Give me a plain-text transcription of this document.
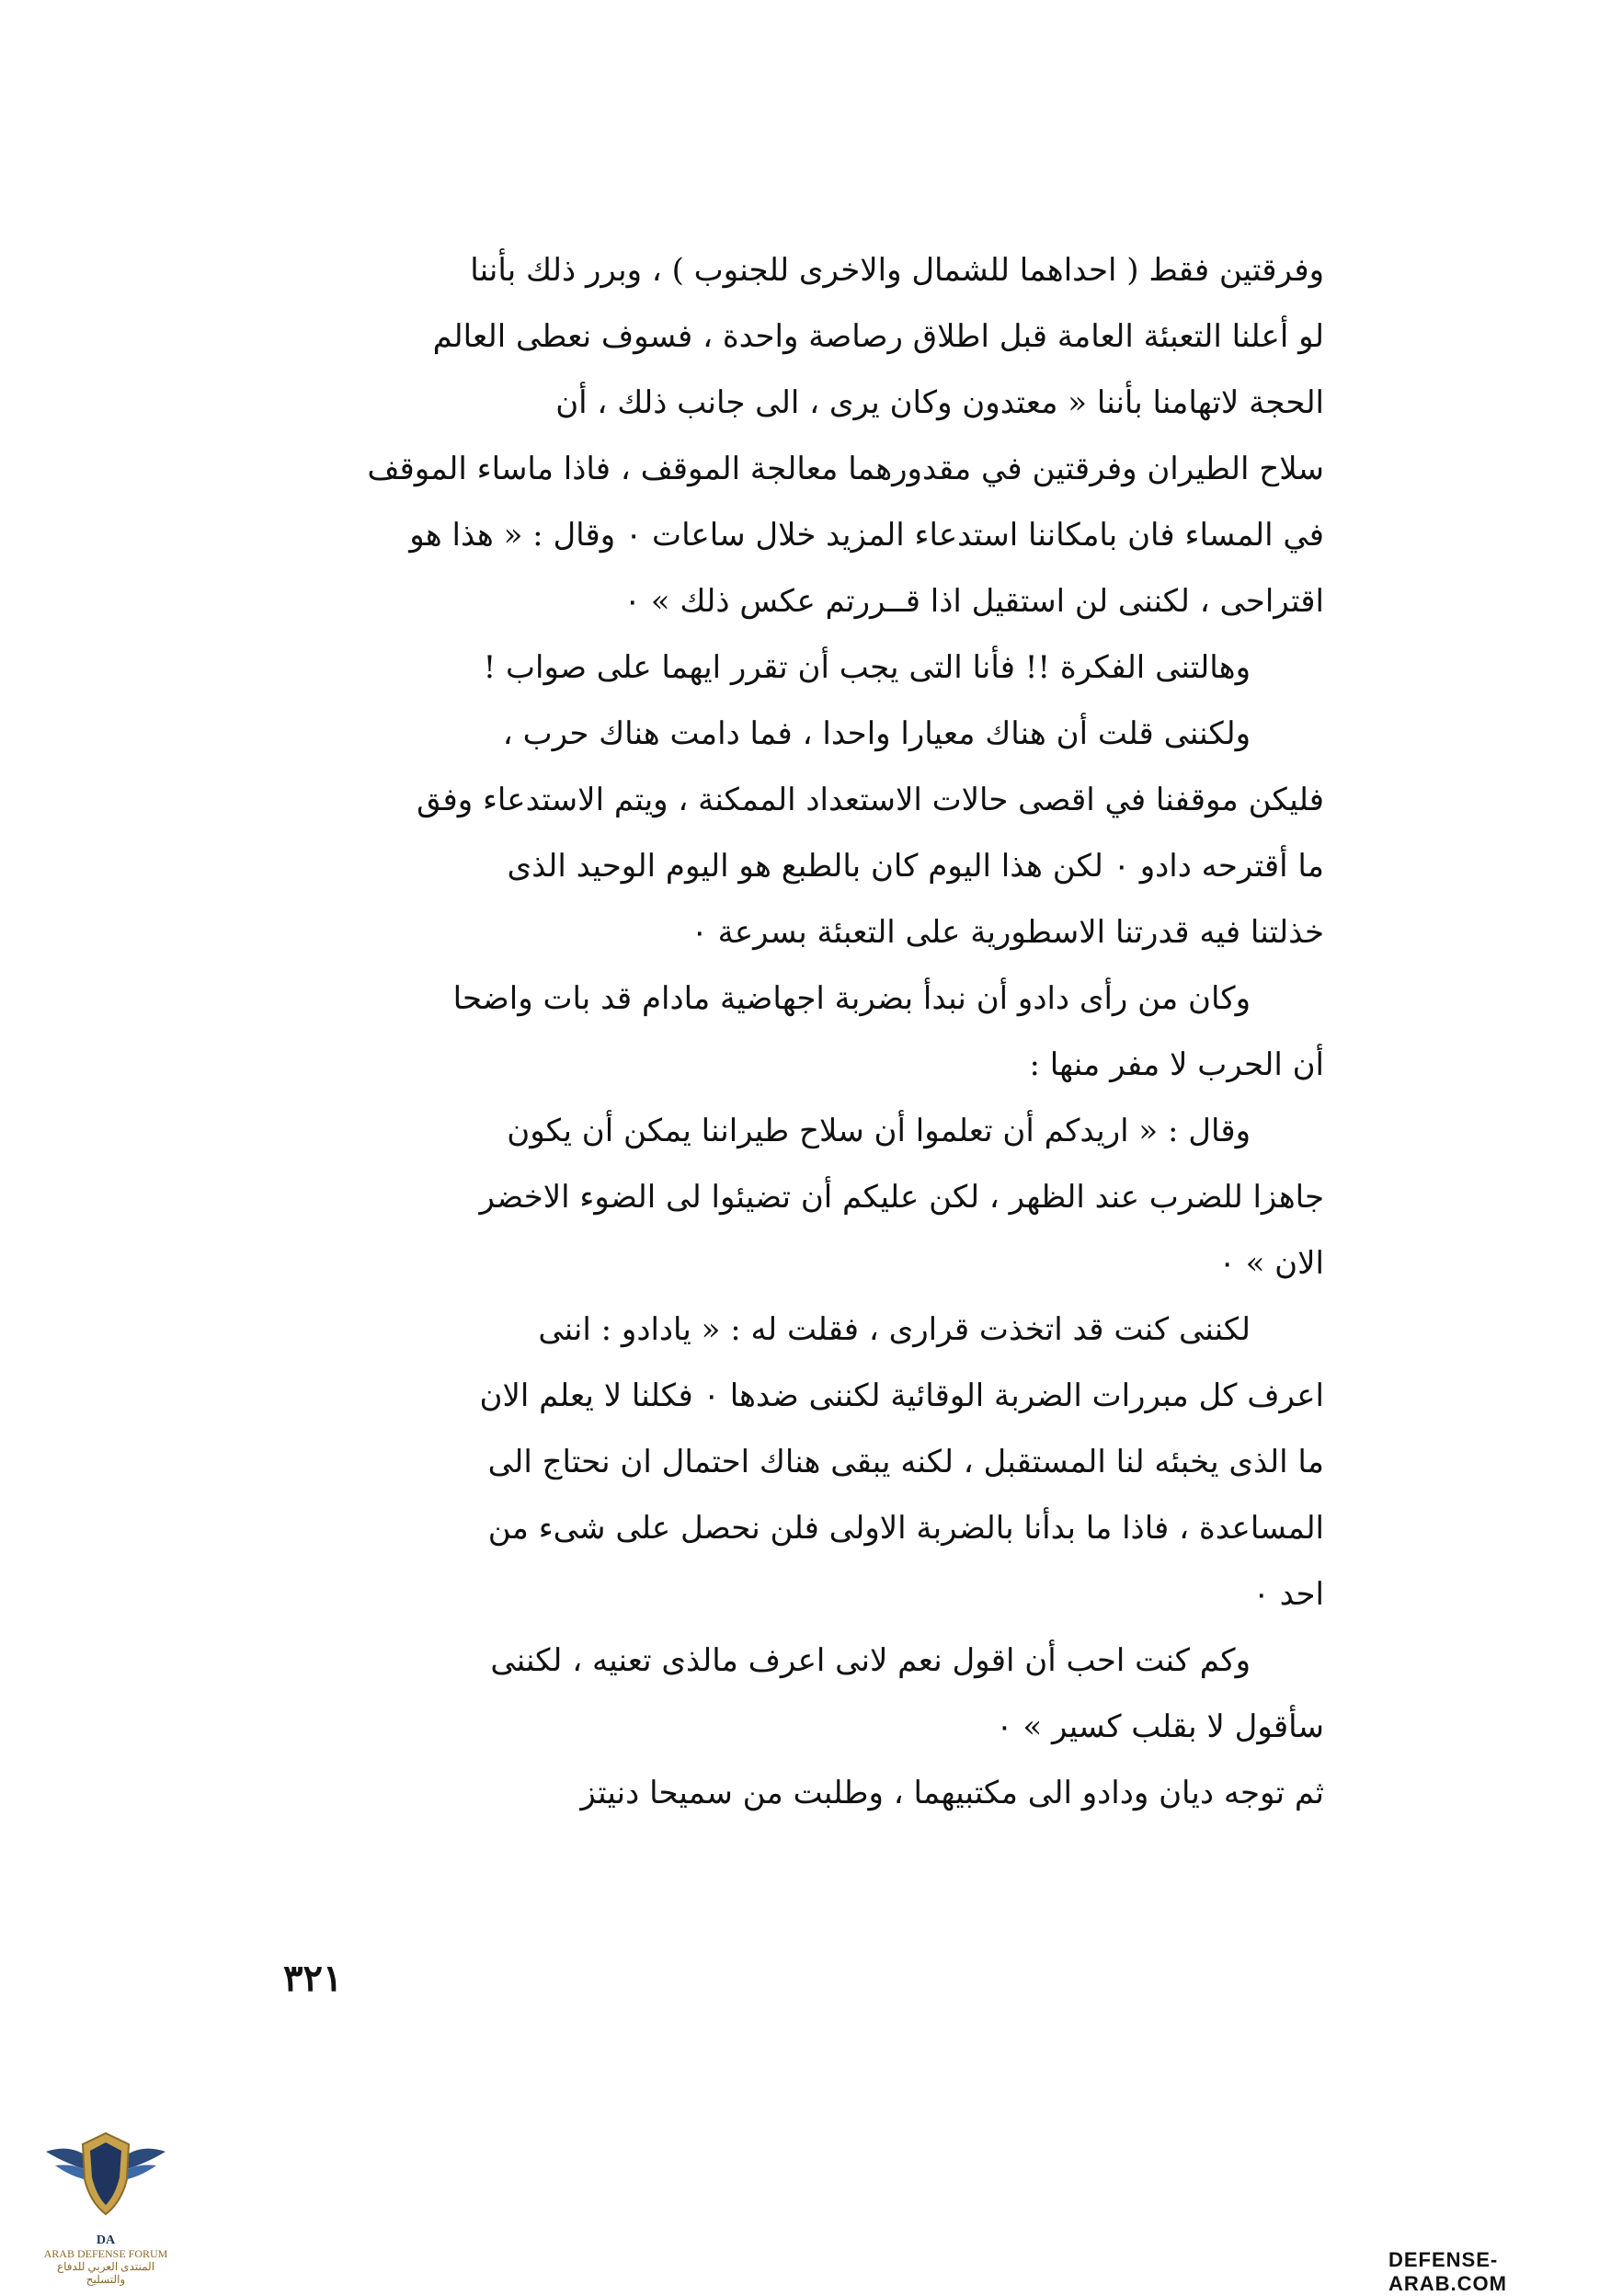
وفرقتين فقط ( احداهما للشمال والاخرى للجنوب ) ، وبرر ذلك بأننا
لو أعلنا التعبئة العامة قبل اطلاق رصاصة واحدة ، فسوف نعطى العالم
الحجة لاتهامنا بأننا « معتدون وكان يرى ، الى جانب ذلك ، أن
سلاح الطيران وفرقتين في مقدورهما معالجة الموقف ، فاذا ماساء الموقف
في المساء فان بامكاننا استدعاء المزيد خلال ساعات ٠ وقال : « هذا هو
اقتراحى ، لكننى لن استقيل اذا قــررتم عكس ذلك » ٠
وهالتنى الفكرة !! فأنا التى يجب أن تقرر ايهما على صواب !
ولكننى قلت أن هناك معيارا واحدا ، فما دامت هناك حرب ،
فليكن موقفنا في اقصى حالات الاستعداد الممكنة ، ويتم الاستدعاء وفق
ما أقترحه دادو ٠ لكن هذا اليوم كان بالطبع هو اليوم الوحيد الذى
خذلتنا فيه قدرتنا الاسطورية على التعبئة بسرعة ٠
وكان من رأى دادو أن نبدأ بضربة اجهاضية مادام قد بات واضحا
أن الحرب لا مفر منها :
وقال : « اريدكم أن تعلموا أن سلاح طيراننا يمكن أن يكون
جاهزا للضرب عند الظهر ، لكن عليكم أن تضيئوا لى الضوء الاخضر
الان » ٠
لكننى كنت قد اتخذت قرارى ، فقلت له : « يادادو : اننى
اعرف كل مبررات الضربة الوقائية لكننى ضدها ٠ فكلنا لا يعلم الان
ما الذى يخبئه لنا المستقبل ، لكنه يبقى هناك احتمال ان نحتاج الى
المساعدة ، فاذا ما بدأنا بالضربة الاولى فلن نحصل على شىء من
احد ٠
وكم كنت احب أن اقول نعم لانى اعرف مالذى تعنيه ، لكننى
سأقول لا بقلب كسير » ٠
ثم توجه ديان ودادو الى مكتبيهما ، وطلبت من سميحا دنيتز
٣٢١
DA
ARAB DEFENSE FORUM
المنتدى العربي للدفاع والتسليح
DEFENSE-ARAB.COM
